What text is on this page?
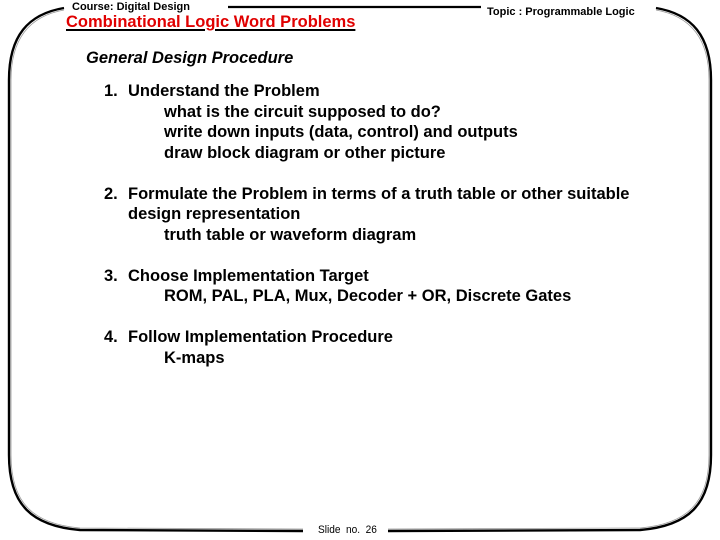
Course: Digital Design	Topic : Programmable Logic
Combinational Logic Word Problems
General Design Procedure
1. Understand the Problem
what is the circuit supposed to do?
write down inputs (data, control) and outputs
draw block diagram or other picture
2. Formulate the Problem in terms of a truth table or other suitable
design representation
truth table or waveform diagram
3. Choose Implementation Target
ROM, PAL, PLA, Mux, Decoder + OR, Discrete Gates
4. Follow Implementation Procedure
K-maps
Slide no. 26
